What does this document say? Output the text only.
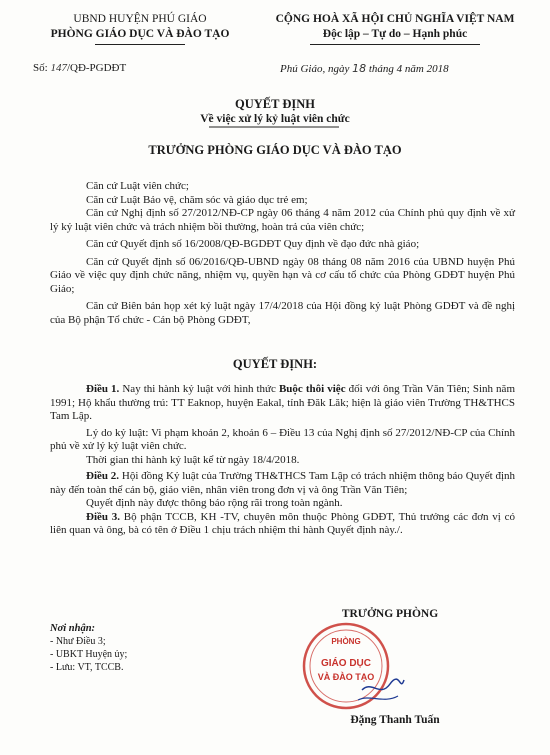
UBND HUYỆN PHÚ GIÁO
PHÒNG GIÁO DỤC VÀ ĐÀO TẠO
CỘNG HOÀ XÃ HỘI CHỦ NGHĨA VIỆT NAM
Độc lập – Tự do – Hạnh phúc
Số: 147/QĐ-PGDĐT	Phú Giáo, ngày 18 tháng 4 năm 2018
QUYẾT ĐỊNH
Về việc xử lý kỷ luật viên chức
TRƯỞNG PHÒNG GIÁO DỤC VÀ ĐÀO TẠO

Căn cứ Luật viên chức;

Căn cứ Luật Bảo vệ, chăm sóc và giáo dục trẻ em;

Căn cứ Nghị định số 27/2012/NĐ-CP ngày 06 tháng 4 năm 2012 của Chính phủ quy định về xử lý kỷ luật viên chức và trách nhiệm bồi thường, hoàn trả của viên chức;

Căn cứ Quyết định số 16/2008/QĐ-BGDĐT Quy định về đạo đức nhà giáo;

Căn cứ Quyết định số 06/2016/QĐ-UBND ngày 08 tháng 08 năm 2016 của UBND huyện Phú Giáo về việc quy định chức năng, nhiệm vụ, quyền hạn và cơ cấu tổ chức của Phòng GDĐT huyện Phú Giáo;

Căn cứ Biên bản họp xét kỷ luật ngày 17/4/2018 của Hội đồng kỷ luật Phòng GDĐT và đề nghị của Bộ phận Tổ chức - Cán bộ Phòng GDĐT,

QUYẾT ĐỊNH:

Điều 1. Nay thi hành kỷ luật với hình thức Buộc thôi việc đối với ông Trần Văn Tiên; Sinh năm 1991; Hộ khẩu thường trú: TT Eaknop, huyện Eakal, tỉnh Đăk Lăk; hiện là giáo viên Trường TH&THCS Tam Lập.

Lý do kỷ luật: Vi phạm khoản 2, khoản 6 – Điều 13 của Nghị định số 27/2012/NĐ-CP của Chính phủ về xử lý kỷ luật viên chức.

Thời gian thi hành kỷ luật kể từ ngày 18/4/2018.

Điều 2. Hội đồng Kỷ luật của Trường TH&THCS Tam Lập có trách nhiệm thông báo Quyết định này đến toàn thể cán bộ, giáo viên, nhân viên trong đơn vị và ông Trần Văn Tiên;

Quyết định này được thông báo rộng rãi trong toàn ngành.

Điều 3. Bộ phận TCCB, KH -TV, chuyên môn thuộc Phòng GDĐT, Thủ trưởng các đơn vị có liên quan và ông, bà có tên ở Điều 1 chịu trách nhiệm thi hành Quyết định này./.

Nơi nhận:
- Như Điều 3;
- UBKT Huyện ủy;
- Lưu: VT, TCCB.
PHÒNG
GIÁO DỤC
VÀ ĐÀO TẠO
TRƯỞNG PHÒNG
Đặng Thanh Tuấn
